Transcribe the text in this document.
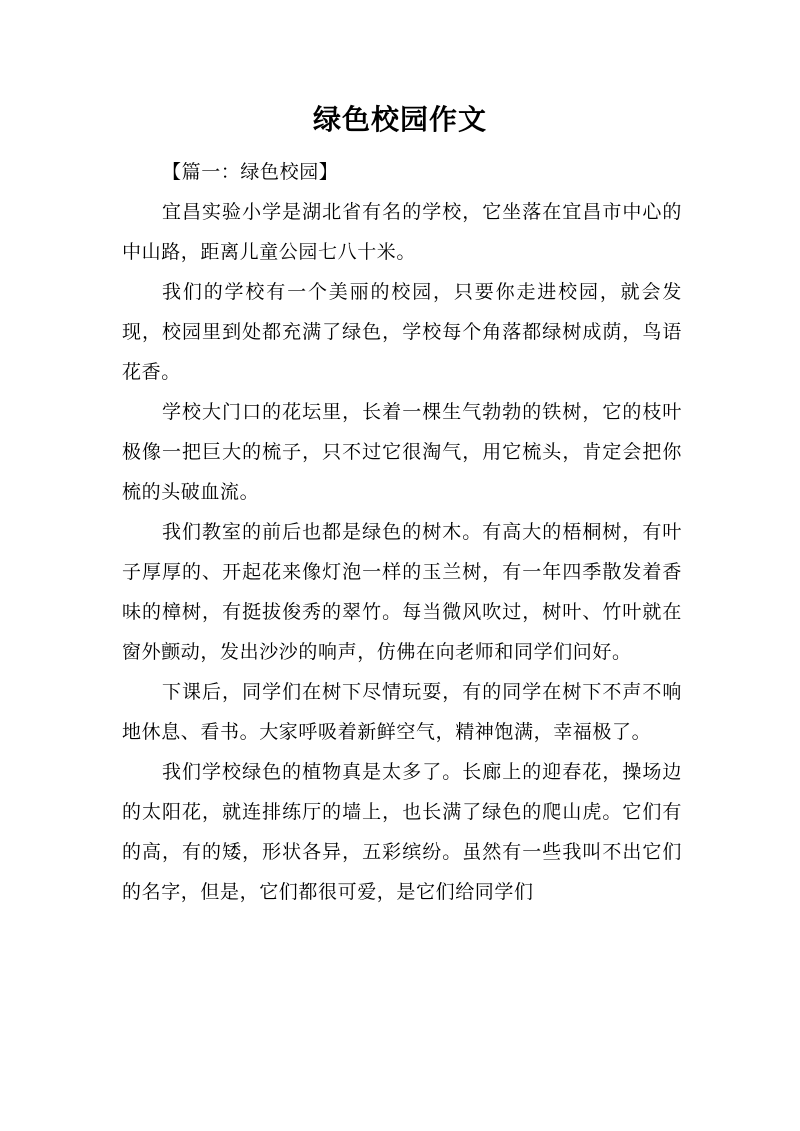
绿色校园作文

【篇一：绿色校园】

宜昌实验小学是湖北省有名的学校，它坐落在宜昌市中心的中山路，距离儿童公园七八十米。

我们的学校有一个美丽的校园，只要你走进校园，就会发现，校园里到处都充满了绿色，学校每个角落都绿树成荫，鸟语花香。

学校大门口的花坛里，长着一棵生气勃勃的铁树，它的枝叶极像一把巨大的梳子，只不过它很淘气，用它梳头，肯定会把你梳的头破血流。

我们教室的前后也都是绿色的树木。有高大的梧桐树，有叶子厚厚的、开起花来像灯泡一样的玉兰树，有一年四季散发着香味的樟树，有挺拔俊秀的翠竹。每当微风吹过，树叶、竹叶就在窗外颤动，发出沙沙的响声，仿佛在向老师和同学们问好。

下课后，同学们在树下尽情玩耍，有的同学在树下不声不响地休息、看书。大家呼吸着新鲜空气，精神饱满，幸福极了。

我们学校绿色的植物真是太多了。长廊上的迎春花，操场边的太阳花，就连排练厅的墙上，也长满了绿色的爬山虎。它们有的高，有的矮，形状各异，五彩缤纷。虽然有一些我叫不出它们的名字，但是，它们都很可爱，是它们给同学们
